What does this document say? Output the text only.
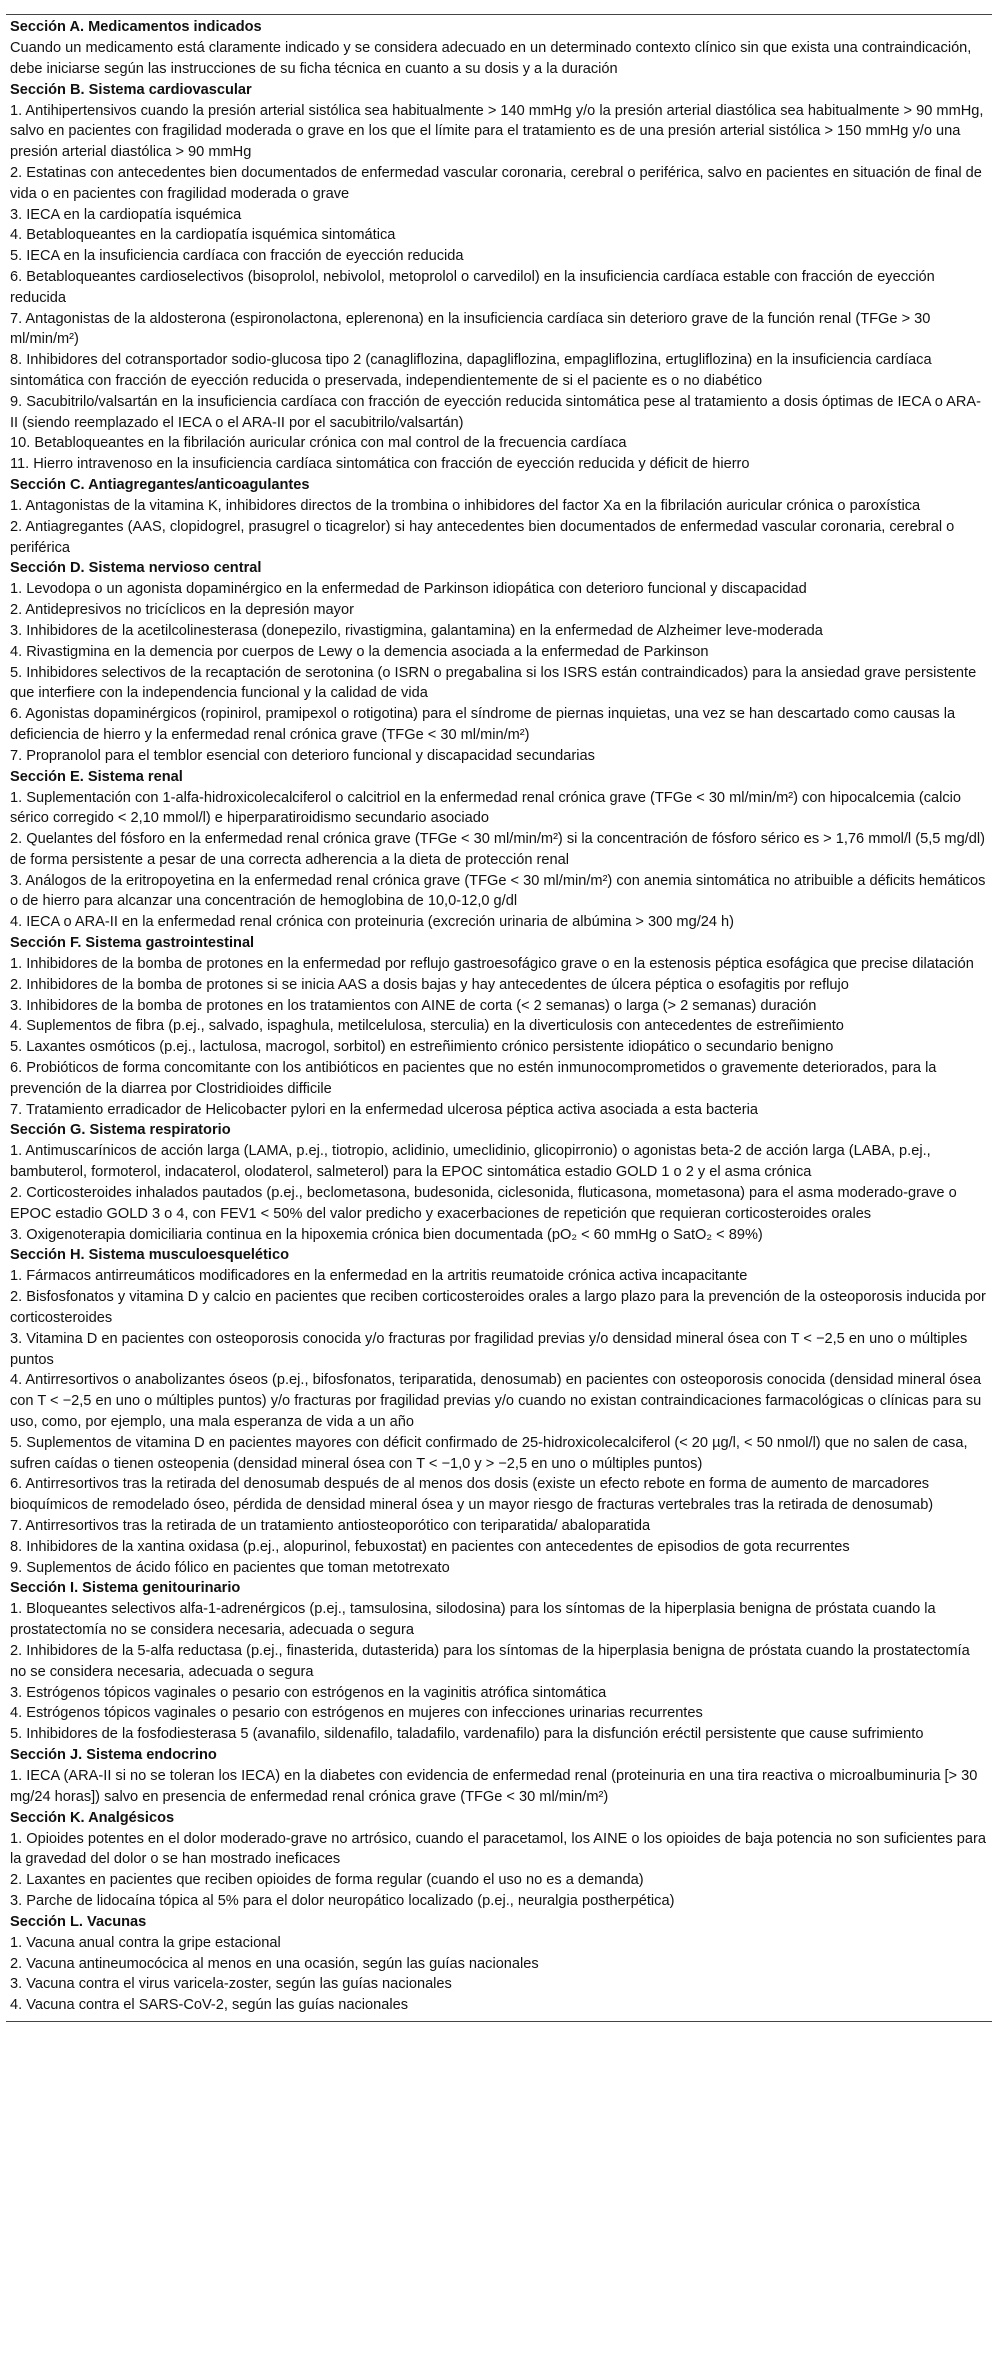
Sección A. Medicamentos indicados
Cuando un medicamento está claramente indicado y se considera adecuado en un determinado contexto clínico sin que exista una contraindicación, debe iniciarse según las instrucciones de su ficha técnica en cuanto a su dosis y a la duración
Sección B. Sistema cardiovascular
1. Antihipertensivos cuando la presión arterial sistólica sea habitualmente > 140 mmHg y/o la presión arterial diastólica sea habitualmente > 90 mmHg, salvo en pacientes con fragilidad moderada o grave en los que el límite para el tratamiento es de una presión arterial sistólica > 150 mmHg y/o una presión arterial diastólica > 90 mmHg
2. Estatinas con antecedentes bien documentados de enfermedad vascular coronaria, cerebral o periférica, salvo en pacientes en situación de final de vida o en pacientes con fragilidad moderada o grave
3. IECA en la cardiopatía isquémica
4. Betabloqueantes en la cardiopatía isquémica sintomática
5. IECA en la insuficiencia cardíaca con fracción de eyección reducida
6. Betabloqueantes cardioselectivos (bisoprolol, nebivolol, metoprolol o carvedilol) en la insuficiencia cardíaca estable con fracción de eyección reducida
7. Antagonistas de la aldosterona (espironolactona, eplerenona) en la insuficiencia cardíaca sin deterioro grave de la función renal (TFGe > 30 ml/min/m²)
8. Inhibidores del cotransportador sodio-glucosa tipo 2 (canagliflozina, dapagliflozina, empagliflozina, ertugliflozina) en la insuficiencia cardíaca sintomática con fracción de eyección reducida o preservada, independientemente de si el paciente es o no diabético
9. Sacubitrilo/valsartán en la insuficiencia cardíaca con fracción de eyección reducida sintomática pese al tratamiento a dosis óptimas de IECA o ARA-II (siendo reemplazado el IECA o el ARA-II por el sacubitrilo/valsartán)
10. Betabloqueantes en la fibrilación auricular crónica con mal control de la frecuencia cardíaca
11. Hierro intravenoso en la insuficiencia cardíaca sintomática con fracción de eyección reducida y déficit de hierro
Sección C. Antiagregantes/anticoagulantes
1. Antagonistas de la vitamina K, inhibidores directos de la trombina o inhibidores del factor Xa en la fibrilación auricular crónica o paroxística
2. Antiagregantes (AAS, clopidogrel, prasugrel o ticagrelor) si hay antecedentes bien documentados de enfermedad vascular coronaria, cerebral o periférica
Sección D. Sistema nervioso central
1. Levodopa o un agonista dopaminérgico en la enfermedad de Parkinson idiopática con deterioro funcional y discapacidad
2. Antidepresivos no tricíclicos en la depresión mayor
3. Inhibidores de la acetilcolinesterasa (donepezilo, rivastigmina, galantamina) en la enfermedad de Alzheimer leve-moderada
4. Rivastigmina en la demencia por cuerpos de Lewy o la demencia asociada a la enfermedad de Parkinson
5. Inhibidores selectivos de la recaptación de serotonina (o ISRN o pregabalina si los ISRS están contraindicados) para la ansiedad grave persistente que interfiere con la independencia funcional y la calidad de vida
6. Agonistas dopaminérgicos (ropinirol, pramipexol o rotigotina) para el síndrome de piernas inquietas, una vez se han descartado como causas la deficiencia de hierro y la enfermedad renal crónica grave (TFGe < 30 ml/min/m²)
7. Propranolol para el temblor esencial con deterioro funcional y discapacidad secundarias
Sección E. Sistema renal
1. Suplementación con 1-alfa-hidroxicolecalciferol o calcitriol en la enfermedad renal crónica grave (TFGe < 30 ml/min/m²) con hipocalcemia (calcio sérico corregido < 2,10 mmol/l) e hiperparatiroidismo secundario asociado
2. Quelantes del fósforo en la enfermedad renal crónica grave (TFGe < 30 ml/min/m²) si la concentración de fósforo sérico es > 1,76 mmol/l (5,5 mg/dl) de forma persistente a pesar de una correcta adherencia a la dieta de protección renal
3. Análogos de la eritropoyetina en la enfermedad renal crónica grave (TFGe < 30 ml/min/m²) con anemia sintomática no atribuible a déficits hemáticos o de hierro para alcanzar una concentración de hemoglobina de 10,0-12,0 g/dl
4. IECA o ARA-II en la enfermedad renal crónica con proteinuria (excreción urinaria de albúmina > 300 mg/24 h)
Sección F. Sistema gastrointestinal
1. Inhibidores de la bomba de protones en la enfermedad por reflujo gastroesofágico grave o en la estenosis péptica esofágica que precise dilatación
2. Inhibidores de la bomba de protones si se inicia AAS a dosis bajas y hay antecedentes de úlcera péptica o esofagitis por reflujo
3. Inhibidores de la bomba de protones en los tratamientos con AINE de corta (< 2 semanas) o larga (> 2 semanas) duración
4. Suplementos de fibra (p.ej., salvado, ispaghula, metilcelulosa, sterculia) en la diverticulosis con antecedentes de estreñimiento
5. Laxantes osmóticos (p.ej., lactulosa, macrogol, sorbitol) en estreñimiento crónico persistente idiopático o secundario benigno
6. Probióticos de forma concomitante con los antibióticos en pacientes que no estén inmunocomprometidos o gravemente deteriorados, para la prevención de la diarrea por Clostridioides difficile
7. Tratamiento erradicador de Helicobacter pylori en la enfermedad ulcerosa péptica activa asociada a esta bacteria
Sección G. Sistema respiratorio
1. Antimuscarínicos de acción larga (LAMA, p.ej., tiotropio, aclidinio, umeclidinio, glicopirronio) o agonistas beta-2 de acción larga (LABA, p.ej., bambuterol, formoterol, indacaterol, olodaterol, salmeterol) para la EPOC sintomática estadio GOLD 1 o 2 y el asma crónica
2. Corticosteroides inhalados pautados (p.ej., beclometasona, budesonida, ciclesonida, fluticasona, mometasona) para el asma moderado-grave o EPOC estadio GOLD 3 o 4, con FEV1 < 50% del valor predicho y exacerbaciones de repetición que requieran corticosteroides orales
3. Oxigenoterapia domiciliaria continua en la hipoxemia crónica bien documentada (pO₂ < 60 mmHg o SatO₂ < 89%)
Sección H. Sistema musculoesquelético
1. Fármacos antirreumáticos modificadores en la enfermedad en la artritis reumatoide crónica activa incapacitante
2. Bisfosfonatos y vitamina D y calcio en pacientes que reciben corticosteroides orales a largo plazo para la prevención de la osteoporosis inducida por corticosteroides
3. Vitamina D en pacientes con osteoporosis conocida y/o fracturas por fragilidad previas y/o densidad mineral ósea con T < −2,5 en uno o múltiples puntos
4. Antirresortivos o anabolizantes óseos (p.ej., bifosfonatos, teriparatida, denosumab) en pacientes con osteoporosis conocida (densidad mineral ósea con T < −2,5 en uno o múltiples puntos) y/o fracturas por fragilidad previas y/o cuando no existan contraindicaciones farmacológicas o clínicas para su uso, como, por ejemplo, una mala esperanza de vida a un año
5. Suplementos de vitamina D en pacientes mayores con déficit confirmado de 25-hidroxicolecalciferol (< 20 µg/l, < 50 nmol/l) que no salen de casa, sufren caídas o tienen osteopenia (densidad mineral ósea con T < −1,0 y > −2,5 en uno o múltiples puntos)
6. Antirresortivos tras la retirada del denosumab después de al menos dos dosis (existe un efecto rebote en forma de aumento de marcadores bioquímicos de remodelado óseo, pérdida de densidad mineral ósea y un mayor riesgo de fracturas vertebrales tras la retirada de denosumab)
7. Antirresortivos tras la retirada de un tratamiento antiosteoporótico con teriparatida/ abaloparatida
8. Inhibidores de la xantina oxidasa (p.ej., alopurinol, febuxostat) en pacientes con antecedentes de episodios de gota recurrentes
9. Suplementos de ácido fólico en pacientes que toman metotrexato
Sección I. Sistema genitourinario
1. Bloqueantes selectivos alfa-1-adrenérgicos (p.ej., tamsulosina, silodosina) para los síntomas de la hiperplasia benigna de próstata cuando la prostatectomía no se considera necesaria, adecuada o segura
2. Inhibidores de la 5-alfa reductasa (p.ej., finasterida, dutasterida) para los síntomas de la hiperplasia benigna de próstata cuando la prostatectomía no se considera necesaria, adecuada o segura
3. Estrógenos tópicos vaginales o pesario con estrógenos en la vaginitis atrófica sintomática
4. Estrógenos tópicos vaginales o pesario con estrógenos en mujeres con infecciones urinarias recurrentes
5. Inhibidores de la fosfodiesterasa 5 (avanafilo, sildenafilo, taladafilo, vardenafilo) para la disfunción eréctil persistente que cause sufrimiento
Sección J. Sistema endocrino
1. IECA (ARA-II si no se toleran los IECA) en la diabetes con evidencia de enfermedad renal (proteinuria en una tira reactiva o microalbuminuria [> 30 mg/24 horas]) salvo en presencia de enfermedad renal crónica grave (TFGe < 30 ml/min/m²)
Sección K. Analgésicos
1. Opioides potentes en el dolor moderado-grave no artrósico, cuando el paracetamol, los AINE o los opioides de baja potencia no son suficientes para la gravedad del dolor o se han mostrado ineficaces
2. Laxantes en pacientes que reciben opioides de forma regular (cuando el uso no es a demanda)
3. Parche de lidocaína tópica al 5% para el dolor neuropático localizado (p.ej., neuralgia postherpética)
Sección L. Vacunas
1. Vacuna anual contra la gripe estacional
2. Vacuna antineumocócica al menos en una ocasión, según las guías nacionales
3. Vacuna contra el virus varicela-zoster, según las guías nacionales
4. Vacuna contra el SARS-CoV-2, según las guías nacionales
